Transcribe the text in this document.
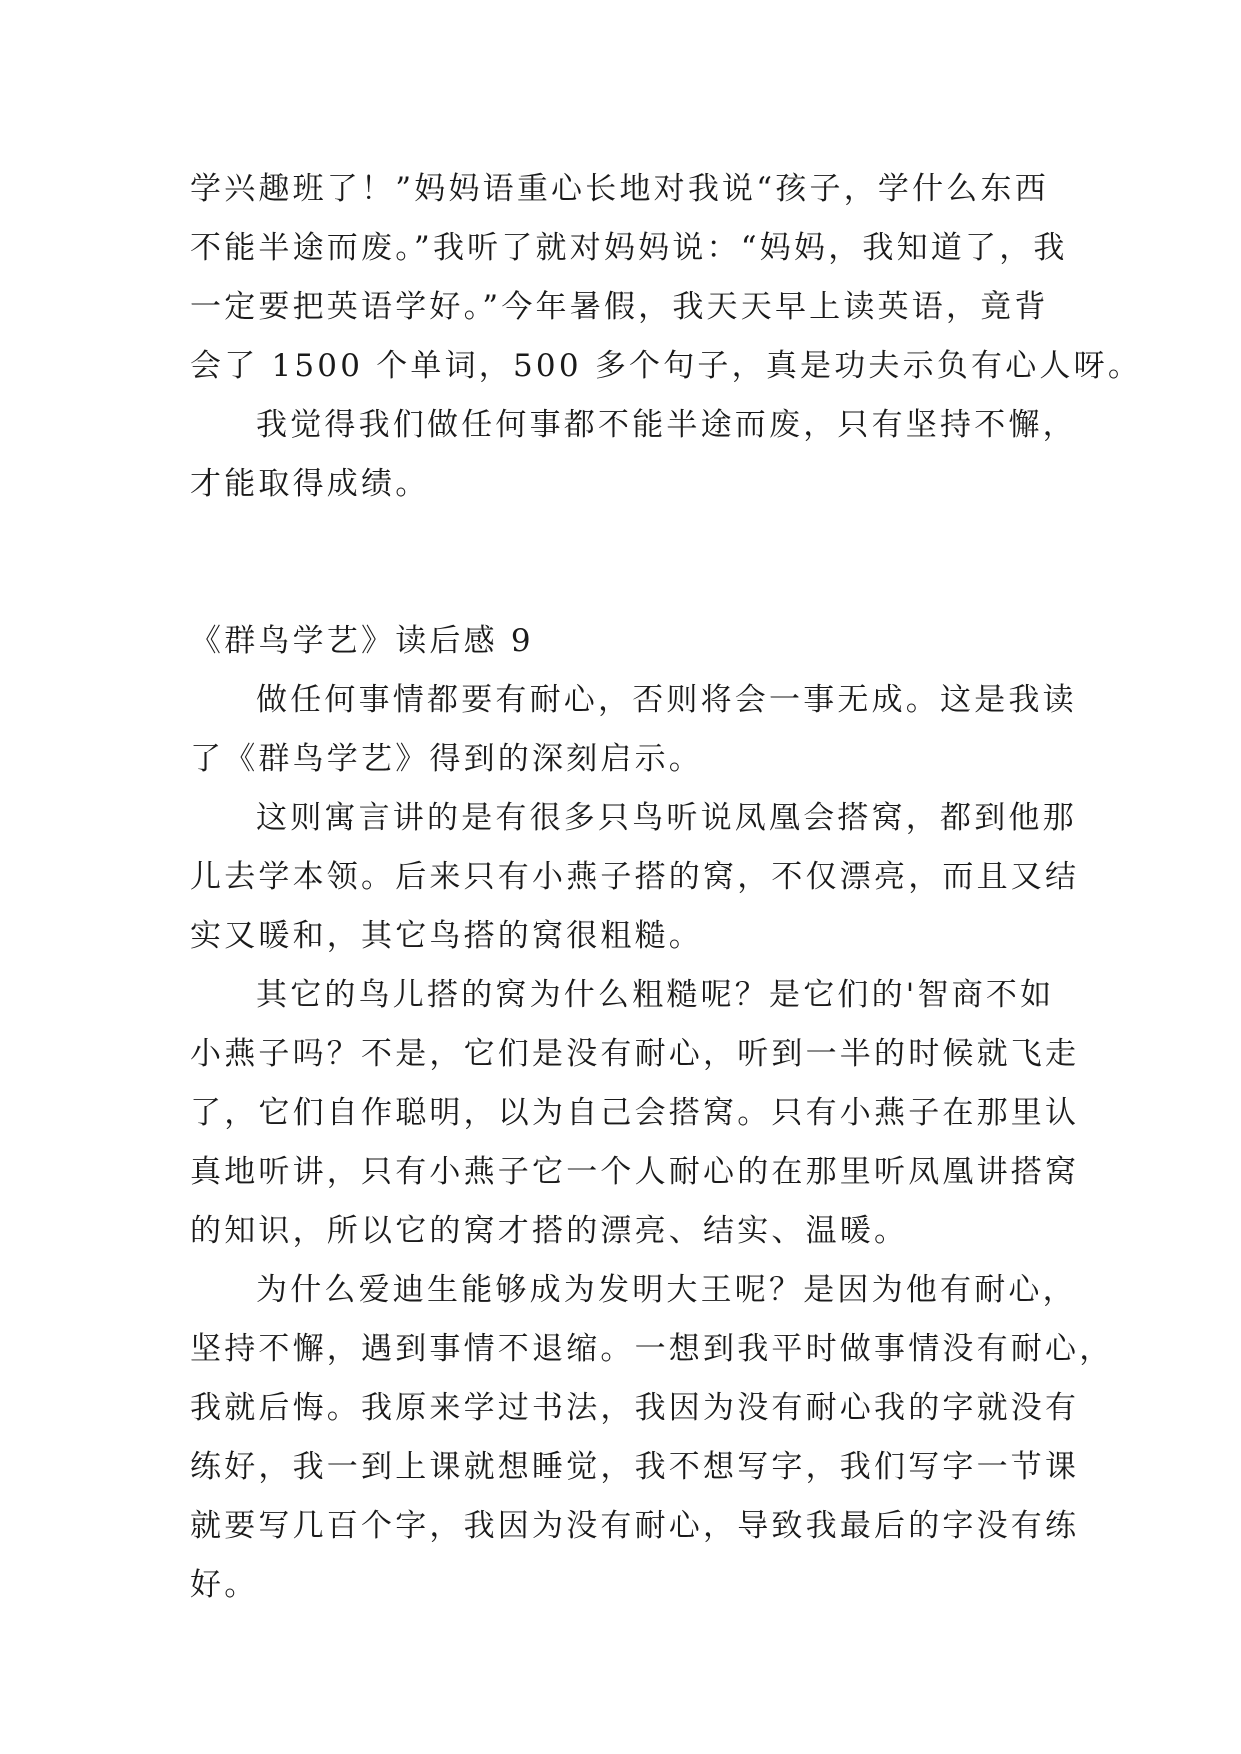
学兴趣班了！”妈妈语重心长地对我说“孩子，学什么东西
不能半途而废。”我听了就对妈妈说：“妈妈，我知道了，我
一定要把英语学好。”今年暑假，我天天早上读英语，竟背
会了 1500 个单词，500 多个句子，真是功夫示负有心人呀。
我觉得我们做任何事都不能半途而废，只有坚持不懈，
才能取得成绩。
《群鸟学艺》读后感 9
做任何事情都要有耐心，否则将会一事无成。这是我读
了《群鸟学艺》得到的深刻启示。
这则寓言讲的是有很多只鸟听说凤凰会搭窝，都到他那
儿去学本领。后来只有小燕子搭的窝，不仅漂亮，而且又结
实又暖和，其它鸟搭的窝很粗糙。
其它的鸟儿搭的窝为什么粗糙呢？是它们的'智商不如
小燕子吗？不是，它们是没有耐心，听到一半的时候就飞走
了，它们自作聪明，以为自己会搭窝。只有小燕子在那里认
真地听讲，只有小燕子它一个人耐心的在那里听凤凰讲搭窝
的知识，所以它的窝才搭的漂亮、结实、温暖。
为什么爱迪生能够成为发明大王呢？是因为他有耐心，
坚持不懈，遇到事情不退缩。一想到我平时做事情没有耐心，
我就后悔。我原来学过书法，我因为没有耐心我的字就没有
练好，我一到上课就想睡觉，我不想写字，我们写字一节课
就要写几百个字，我因为没有耐心，导致我最后的字没有练
好。
